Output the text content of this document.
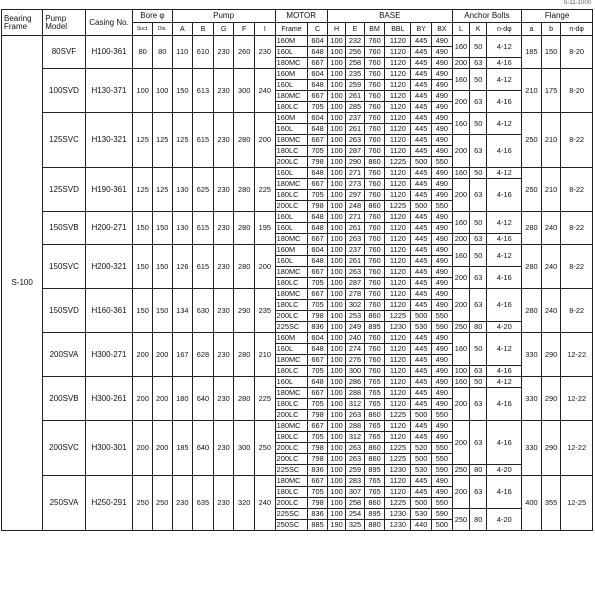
S-11-1000
Bearing Frame	Pump Model	Casing No.	Bore φ		Pump					MOTOR		BASE						Anchor Bolts			Flange		
			Suct.	Dis.	A	B	G	F	I	Frame	C	H	E	BM	BBL	BY	BX	L	K	n-dφ	a	b	n-dφ
S-100	80SVF	H100-361	80	80	110	610	230	260	230	160M	604	100	232	760	1120	445	490	160	50	4-12	185	150	8-20
										160L	648	100	256	760	1120	445	490						
										180MC	667	100	258	760	1120	445	490	200	63	4-16			
	100SVD	H130-371	100	100	150	613	230	300	240	160M	604	100	235	760	1120	445	490	160	50	4-12	210	175	8-20
										160L	648	100	259	760	1120	445	490						
										180MC	667	100	261	760	1120	445	490	200	63	4-16			
										180LC	705	100	285	760	1120	445	490						
	125SVC	H130-321	125	125	125	615	230	280	200	160M	604	100	237	760	1120	445	490	160	50	4-12	250	210	8-22
										160L	648	100	261	760	1120	445	490						
										180MC	667	100	263	760	1120	445	490	200	63	4-16			
										180LC	705	100	287	760	1120	445	490						
										200LC	798	100	290	860	1225	500	550						
	125SVD	H190-361	125	125	130	625	230	280	225	160L	648	100	271	760	1120	445	490	160	50	4-12	250	210	8-22
										180MC	667	100	273	760	1120	445	490	200	63	4-16			
										180LC	705	100	297	760	1120	445	490						
										200LC	798	100	248	860	1225	500	550						
	150SVB	H200-271	150	150	130	615	230	280	195	160L	648	100	271	760	1120	445	490	160	50	4-12	280	240	8-22
										160L	648	100	261	760	1120	445	490						
										180MC	667	100	263	760	1120	445	490	200	63	4-16			
	150SVC	H200-321	150	150	126	615	230	280	200	160M	604	100	237	760	1120	445	490	160	50	4-12	280	240	8-22
										160L	648	100	261	760	1120	445	490						
										180MC	667	100	263	760	1120	445	490	200	63	4-16			
										180LC	705	100	287	760	1120	445	490						
	150SVD	H160-361	150	150	134	630	230	290	235	180MC	667	100	278	760	1120	445	490	200	63	4-16	280	240	8-22
										180LC	705	100	302	760	1120	445	490						
										200LC	798	100	253	860	1225	500	550						
										225SC	836	100	249	895	1230	530	590	250	80	4-20			
	200SVA	H300-271	200	200	167	628	230	280	210	160M	604	100	240	760	1120	445	490	160	50	4-12	330	290	12-22
										160L	648	100	274	760	1120	445	490						
										180MC	667	100	276	760	1120	445	490						
										180LC	705	100	300	760	1120	445	490	100	63	4-16			
	200SVB	H300-261	200	200	180	640	230	280	225	160L	648	100	286	765	1120	445	490	160	50	4-12	330	290	12-22
										180MC	667	100	288	765	1120	445	490	200	63	4-16			
										180LC	705	100	312	765	1120	445	490						
										200LC	798	100	263	860	1225	500	550						
	200SVC	H300-301	200	200	185	640	230	300	250	180MC	667	100	288	765	1120	445	490	200	63	4-16	330	290	12-22
										180LC	705	100	312	765	1120	445	490						
										200LC	798	100	263	860	1225	520	550						
										200LC	798	100	263	860	1225	500	550						
										225SC	836	100	259	895	1230	530	590	250	80	4-20			
	250SVA	H250-291	250	250	230	635	230	320	240	180MC	667	100	283	765	1120	445	490	200	63	4-16	400	355	12-25
										180LC	705	100	307	765	1120	445	490						
										200LC	798	100	258	860	1225	500	550						
										225SC	836	100	254	895	1230	530	590	250	80	4-20			
										250SC	885	190	325	880	1230	440	500						
